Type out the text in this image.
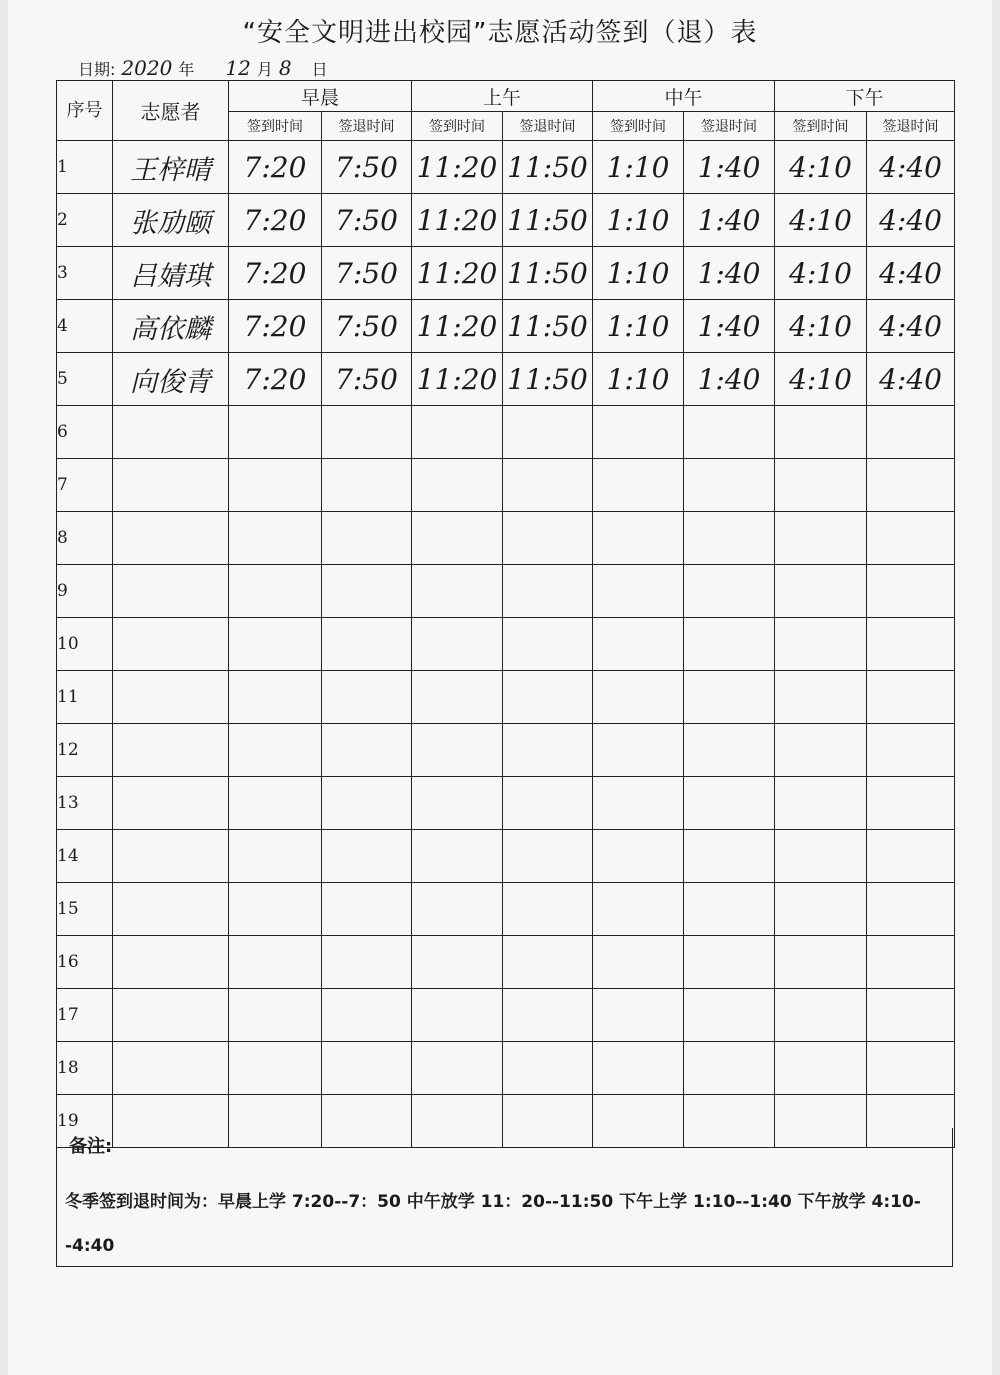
“安全文明进出校园”志愿活动签到（退）表
日期: 2020 年 12 月 8 日
序号	志愿者	早晨		上午		中午		下午	
		签到时间	签退时间	签到时间	签退时间	签到时间	签退时间	签到时间	签退时间
1	王梓晴	7:20	7:50	11:20	11:50	1:10	1:40	4:10	4:40
2	张劢颐	7:20	7:50	11:20	11:50	1:10	1:40	4:10	4:40
3	吕婧琪	7:20	7:50	11:20	11:50	1:10	1:40	4:10	4:40
4	高依麟	7:20	7:50	11:20	11:50	1:10	1:40	4:10	4:40
5	向俊青	7:20	7:50	11:20	11:50	1:10	1:40	4:10	4:40
6									
7									
8									
9									
10									
11									
12									
13									
14									
15									
16									
17									
18									
19									
备注:
冬季签到退时间为：早晨上学 7:20--7：50 中午放学 11：20--11:50 下午上学 1:10--1:40 下午放学 4:10--4:40
